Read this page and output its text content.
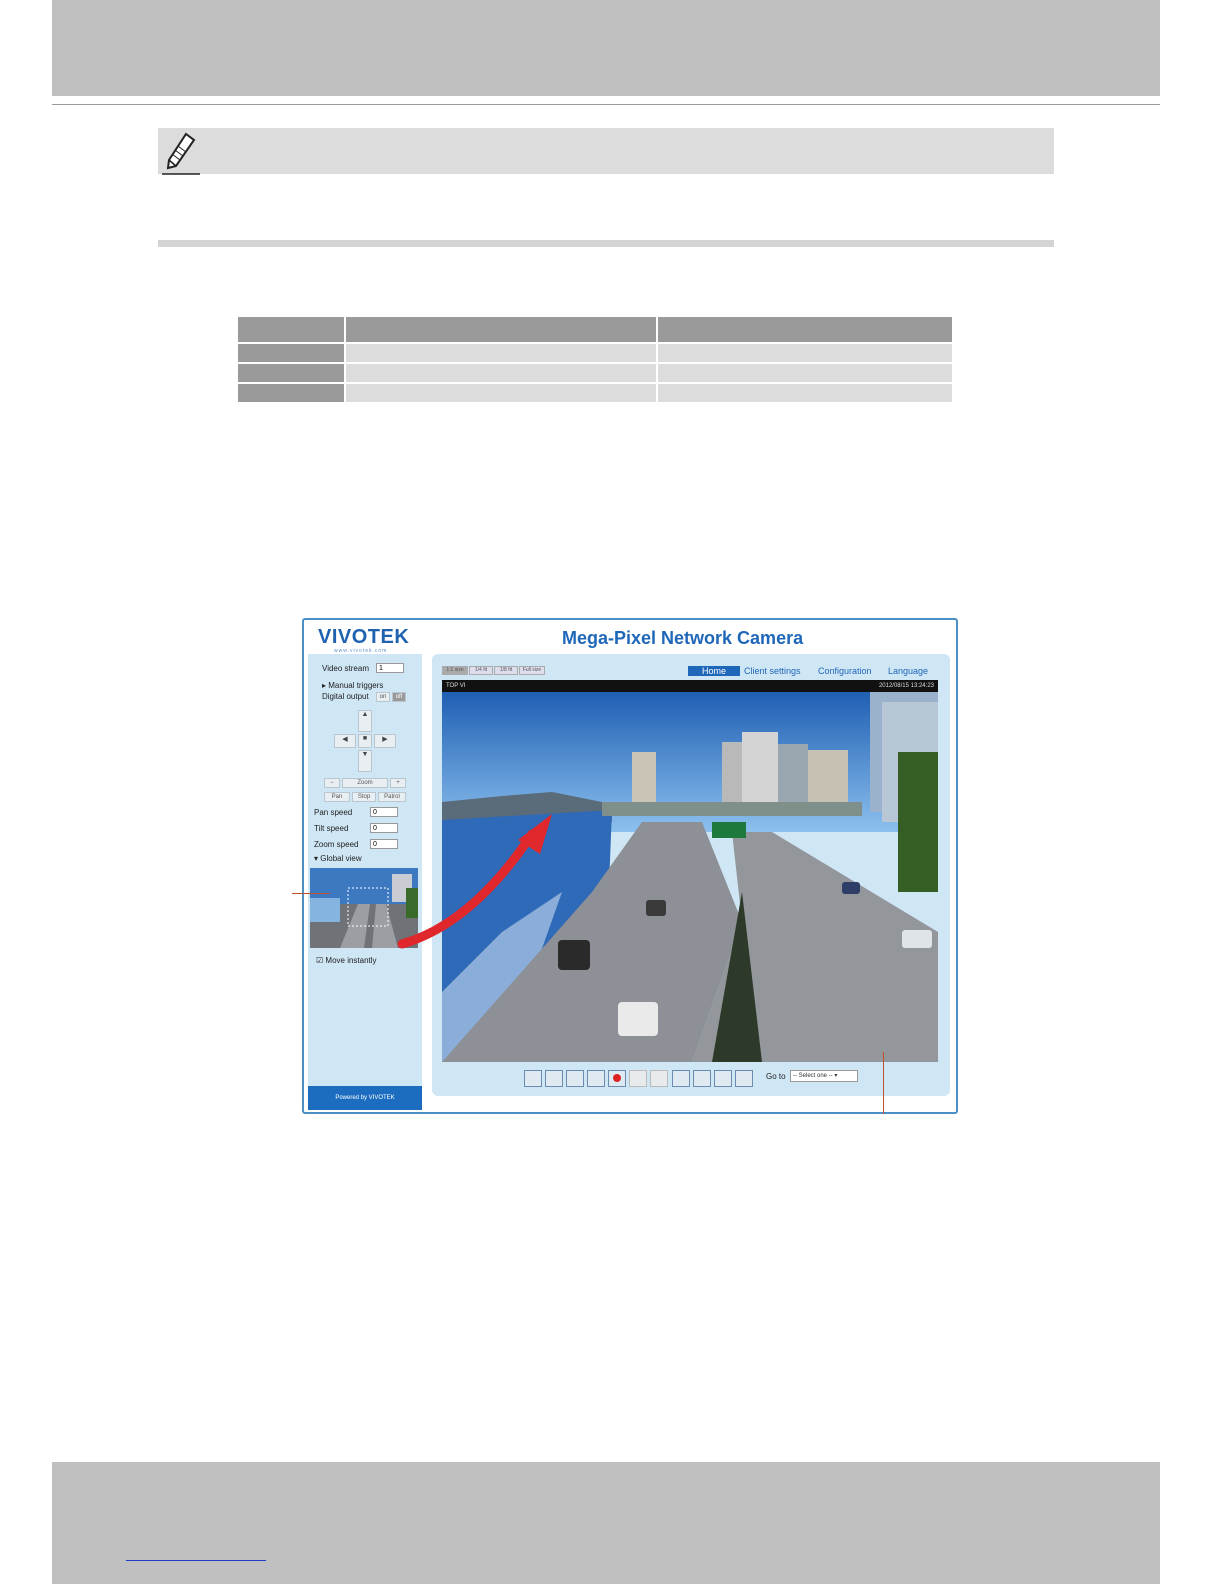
VIVOTEK
www.vivotek.com
Mega-Pixel Network Camera
Video stream	1
▸ Manual triggers
Digital output	on	off
▲
◀	■	▶
▼
−	Zoom	+
Pan	Stop	Patrol
Pan speed	0
Tilt speed	0
Zoom speed	0
▾ Global view
☑ Move instantly
Powered by VIVOTEK
1:1 size	1/4 fit	1/8 fit	Full size	Home	Client settings Configuration Language
TOP VI	2012/08/15 13:24:23
Go to	-- Select one -- ▾
